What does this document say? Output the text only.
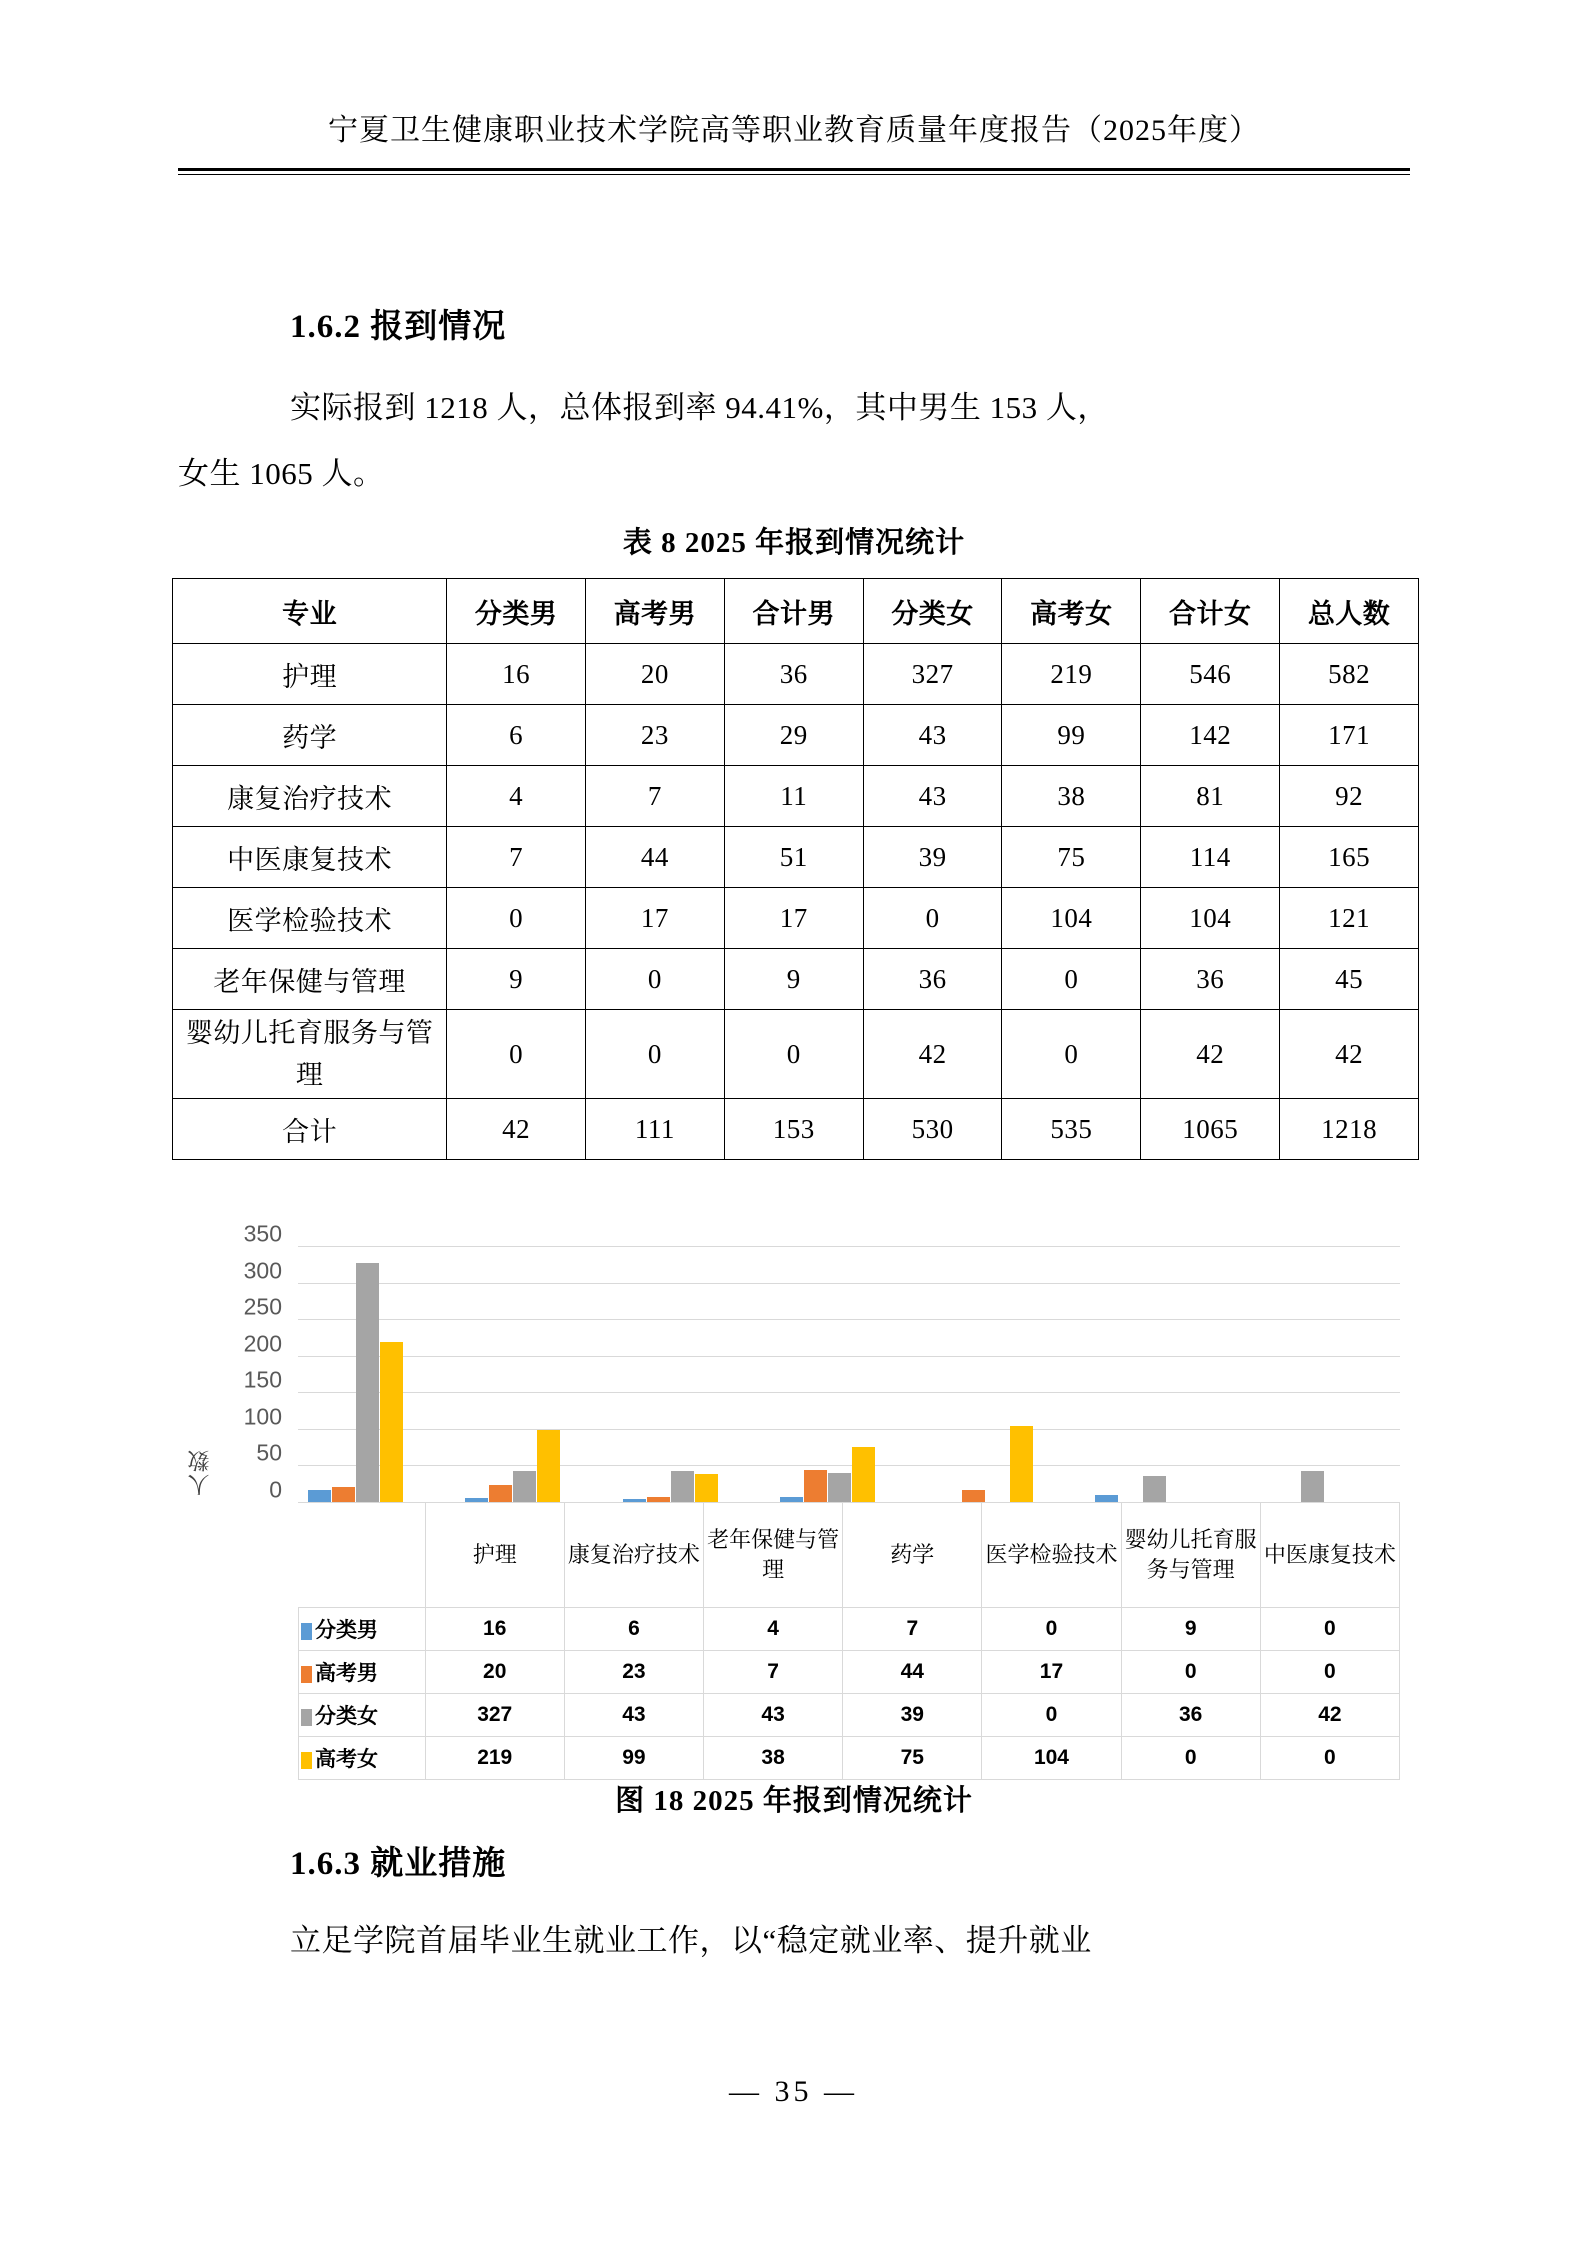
宁夏卫生健康职业技术学院高等职业教育质量年度报告（2025年度）
1.6.2 报到情况
实际报到 1218 人，总体报到率 94.41%，其中男生 153 人，
女生 1065 人。
表 8 2025 年报到情况统计
专业	分类男	高考男	合计男	分类女	高考女	合计女	总人数
护理	16	20	36	327	219	546	582
药学	6	23	29	43	99	142	171
康复治疗技术	4	7	11	43	38	81	92
中医康复技术	7	44	51	39	75	114	165
医学检验技术	0	17	17	0	104	104	121
老年保健与管理	9	0	9	36	0	36	45
婴幼儿托育服务与管理	0	0	0	42	0	42	42
合计	42	111	153	530	535	1065	1218
人数 0
50
100
150
200
250
300
350
	护理	康复治疗技术	老年保健与管理	药学	医学检验技术	婴幼儿托育服务与管理	中医康复技术
分类男	16	6	4	7	0	9	0
高考男	20	23	7	44	17	0	0
分类女	327	43	43	39	0	36	42
高考女	219	99	38	75	104	0	0
图 18 2025 年报到情况统计
1.6.3 就业措施
立足学院首届毕业生就业工作，以“稳定就业率、提升就业
— 35 —
